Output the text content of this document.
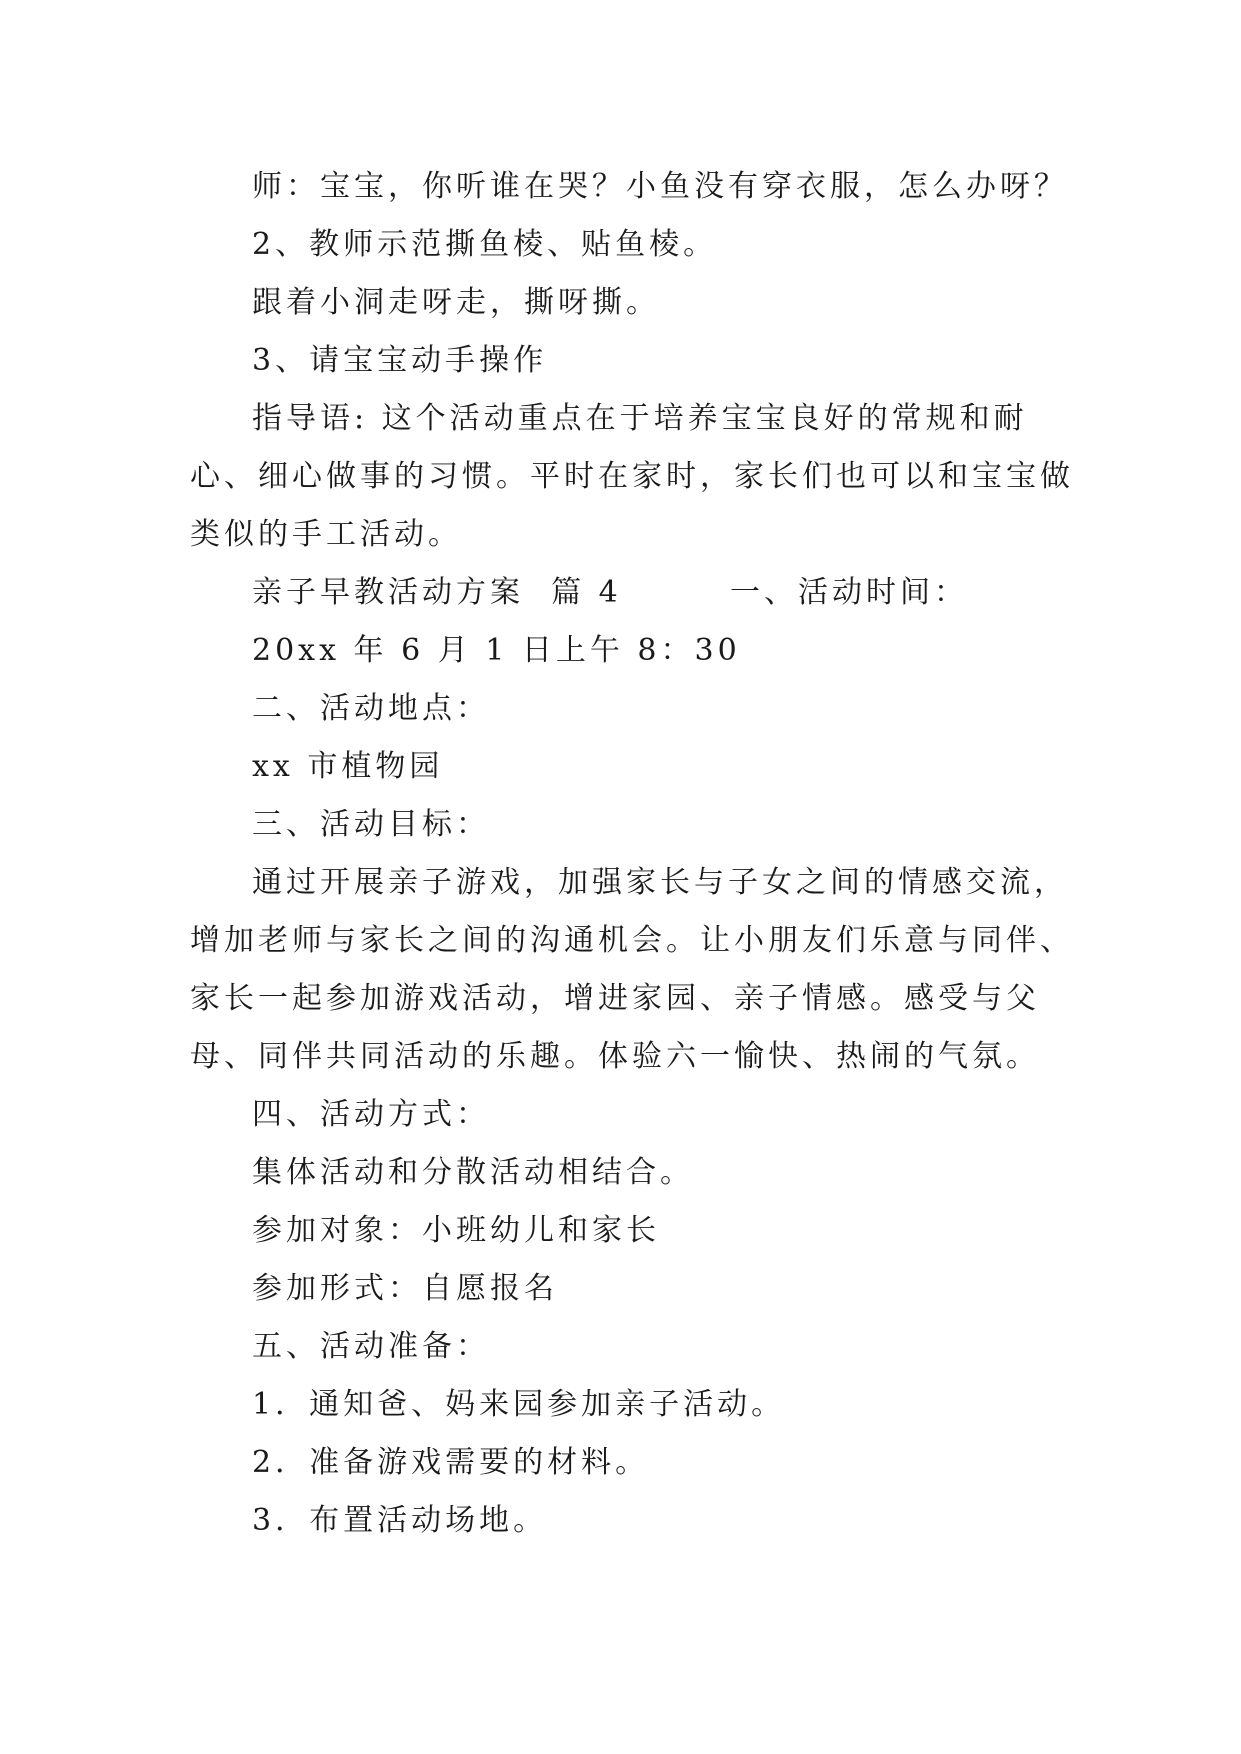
师：宝宝，你听谁在哭？小鱼没有穿衣服，怎么办呀？

2、教师示范撕鱼棱、贴鱼棱。

跟着小洞走呀走，撕呀撕。

3、请宝宝动手操作

指导语: 这个活动重点在于培养宝宝良好的常规和耐心、细心做事的习惯。平时在家时，家长们也可以和宝宝做类似的手工活动。

亲子早教活动方案  篇 4        一、活动时间：

20xx 年 6 月 1 日上午 8：30

二、活动地点：

xx 市植物园

三、活动目标：

通过开展亲子游戏，加强家长与子女之间的情感交流，增加老师与家长之间的沟通机会。让小朋友们乐意与同伴、家长一起参加游戏活动，增进家园、亲子情感。感受与父母、同伴共同活动的乐趣。体验六一愉快、热闹的气氛。

四、活动方式：

集体活动和分散活动相结合。

参加对象：小班幼儿和家长

参加形式：自愿报名

五、活动准备：

1．通知爸、妈来园参加亲子活动。

2．准备游戏需要的材料。

3．布置活动场地。
